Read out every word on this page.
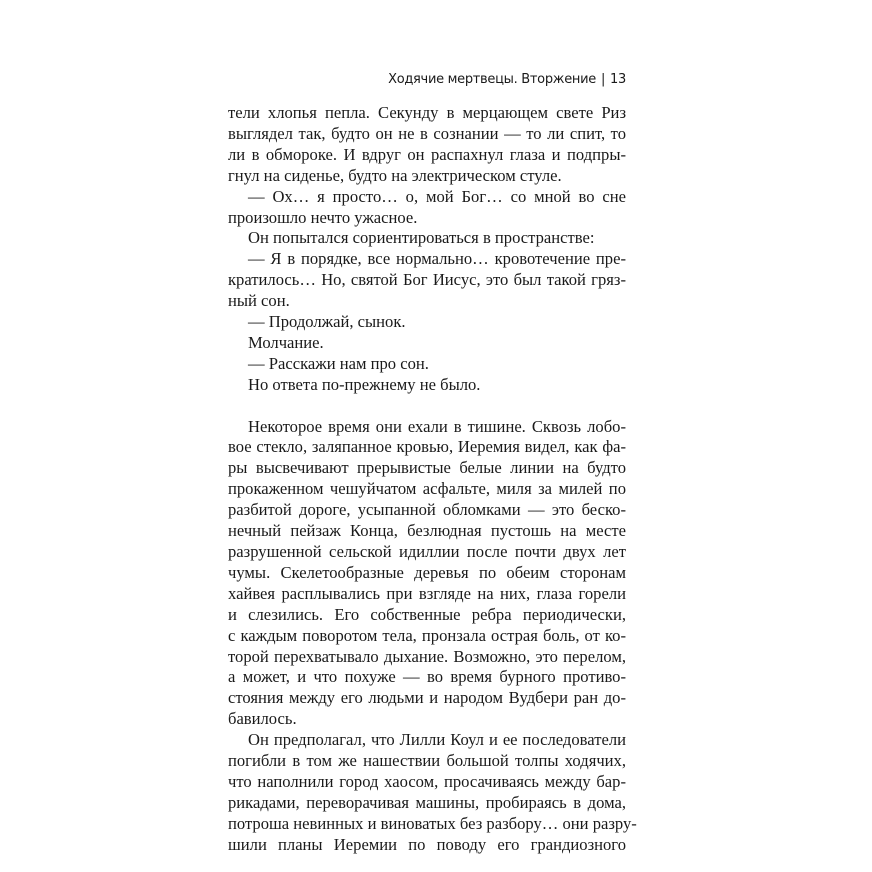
Ходячие мертвецы. Вторжение | 13

тели хлопья пепла. Секунду в мерцающем свете Риз

выглядел так, будто он не в сознании — то ли спит, то

ли в обмороке. И вдруг он распахнул глаза и подпры-

гнул на сиденье, будто на электрическом стуле.

— Ох… я просто… о, мой Бог… со мной во сне

произошло нечто ужасное.

Он попытался сориентироваться в пространстве:

— Я в порядке, все нормально… кровотечение пре-

кратилось… Но, святой Бог Иисус, это был такой гряз-

ный сон.

— Продолжай, сынок.

Молчание.

— Расскажи нам про сон.

Но ответа по-прежнему не было.

Некоторое время они ехали в тишине. Сквозь лобо-

вое стекло, заляпанное кровью, Иеремия видел, как фа-

ры высвечивают прерывистые белые линии на будто

прокаженном чешуйчатом асфальте, миля за милей по

разбитой дороге, усыпанной обломками — это беско-

нечный пейзаж Конца, безлюдная пустошь на месте

разрушенной сельской идиллии после почти двух лет

чумы. Скелетообразные деревья по обеим сторонам

хайвея расплывались при взгляде на них, глаза горели

и слезились. Его собственные ребра периодически,

с каждым поворотом тела, пронзала острая боль, от ко-

торой перехватывало дыхание. Возможно, это перелом,

а может, и что похуже — во время бурного противо-

стояния между его людьми и народом Вудбери ран до-

бавилось.

Он предполагал, что Лилли Коул и ее последователи

погибли в том же нашествии большой толпы ходячих,

что наполнили город хаосом, просачиваясь между бар-

рикадами, переворачивая машины, пробираясь в дома,

потроша невинных и виноватых без разбору… они разру-

шили планы Иеремии по поводу его грандиозного
